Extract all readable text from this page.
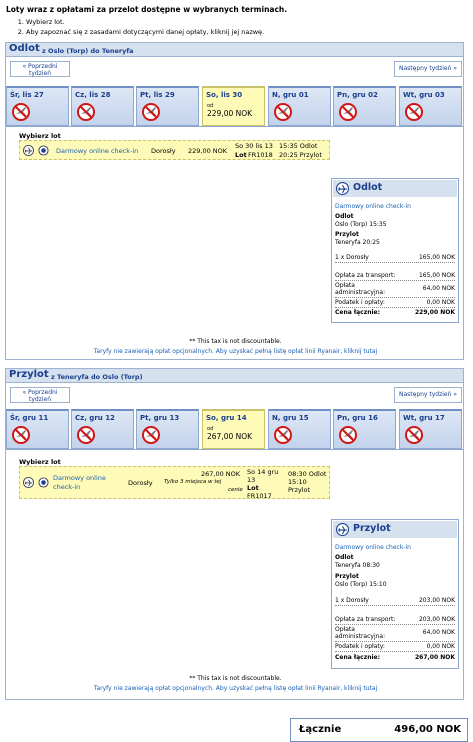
Loty wraz z opłatami za przelot dostępne w wybranych terminach.
1. Wybierz lot.
2. Aby zapoznać się z zasadami dotyczącymi danej opłaty, kliknij jej nazwę.
Odlot z Oslo (Torp) do Teneryfa
« Poprzedni
tydzień
Następny tydzień »
Śr, lis 27	Cz, lis 28	Pt, lis 29	So, lis 30
od
229,00 NOK
N, gru 01	Pn, gru 02	Wt, gru 03
Wybierz lot
Darmowy online check-in Dorosły 229,00 NOK
So 30 lis 13
Lot FR1018
15:35 Odlot
20:25 Przylot
Odlot
Darmowy online check-in
Odlot
Oslo (Torp) 15:35
Przylot
Teneryfa 20:25
1 x Dorosły	165,00 NOK
Opłata za transport:	165,00 NOK
Opłata
administracyjna:
64,00 NOK
Podatek i opłaty:	0,00 NOK
Cena łącznie:	229,00 NOK
** This tax is not discountable.
Taryfy nie zawierają opłat opcjonalnych. Aby uzyskać pełną listę opłat linii Ryanair, kliknij tutaj
Przylot z Teneryfa do Oslo (Torp)
« Poprzedni
tydzień
Następny tydzień »
Śr, gru 11	Cz, gru 12	Pt, gru 13	So, gru 14
od
267,00 NOK
N, gru 15	Pn, gru 16	Wt, gru 17
Wybierz lot
Darmowy online
check-in	Dorosły
267,00 NOK
Tylko 3 miejsca w tej
cenie
So 14 gru
13
Lot
FR1017
08:30 Odlot
15:10
Przylot
Przylot
Darmowy online check-in
Odlot
Teneryfa 08:30
Przylot
Oslo (Torp) 15:10
1 x Dorosły	203,00 NOK
Opłata za transport:	203,00 NOK
Opłata
administracyjna:
64,00 NOK
Podatek i opłaty:	0,00 NOK
Cena łącznie:	267,00 NOK
** This tax is not discountable.
Taryfy nie zawierają opłat opcjonalnych. Aby uzyskać pełną listę opłat linii Ryanair, kliknij tutaj
Łącznie	496,00 NOK
